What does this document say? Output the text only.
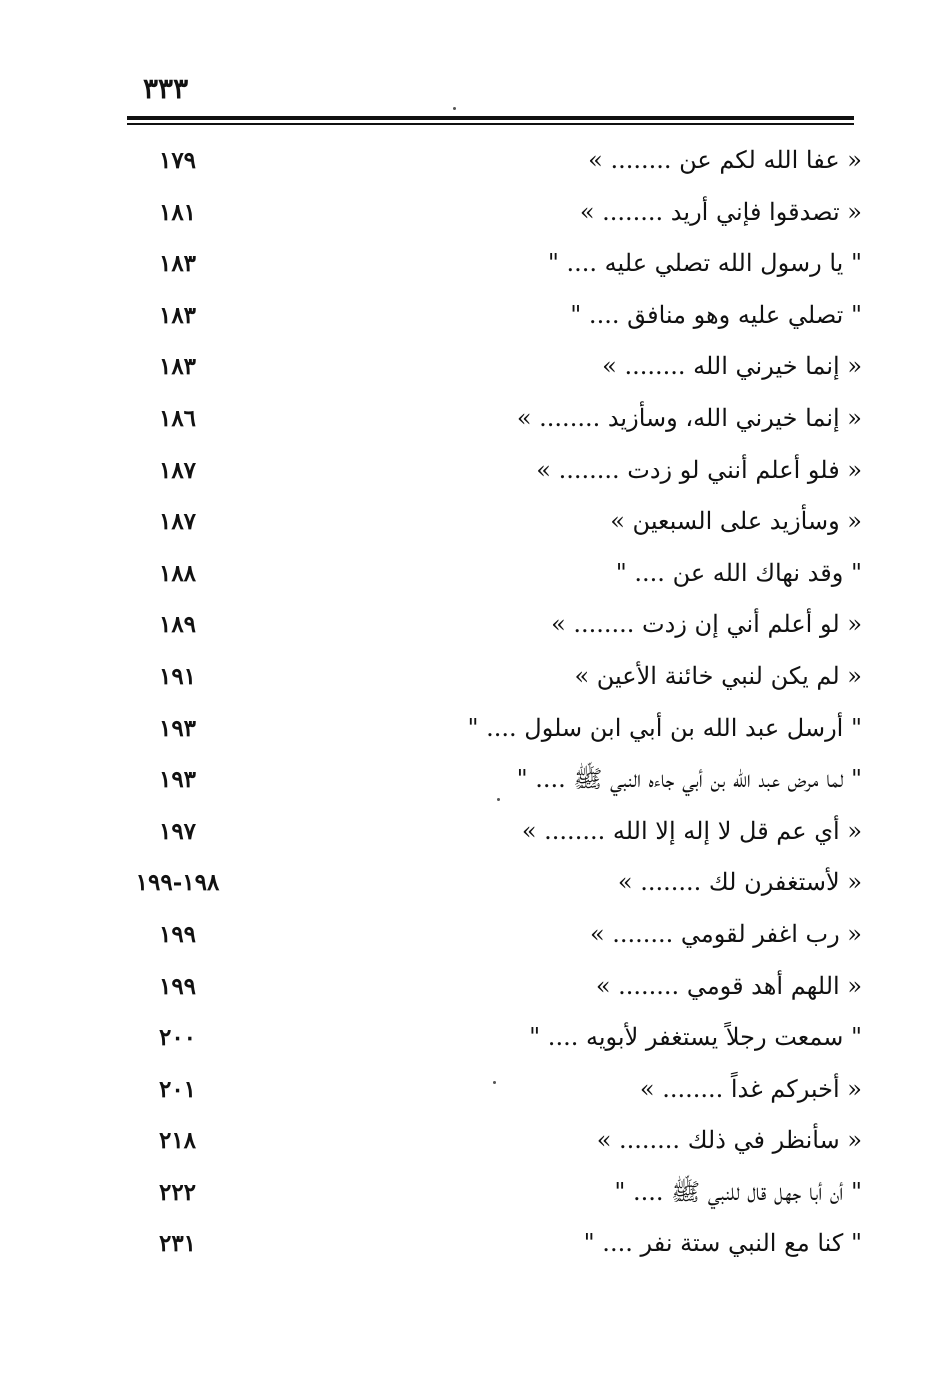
٣٣٣
« عفا الله لكم عن ........ »
١٧٩
« تصدقوا فإني أريد ........ »
١٨١
" يا رسول الله تصلي عليه .... "
١٨٣
" تصلي عليه وهو منافق .... "
١٨٣
« إنما خيرني الله ........ »
١٨٣
« إنما خيرني الله، وسأزيد ........ »
١٨٦
« فلو أعلم أنني لو زدت ........ »
١٨٧
« وسأزيد على السبعين »
١٨٧
" وقد نهاك الله عن .... "
١٨٨
« لو أعلم أني إن زدت ........ »
١٨٩
« لم يكن لنبي خائنة الأعين »
١٩١
" أرسل عبد الله بن أبي ابن سلول .... "
١٩٣
" لما مرض عبد الله بن أبي جاءه النبي ﷺ .... "
١٩٣
« أي عم قل لا إله إلا الله ........ »
١٩٧
« لأستغفرن لك ........ »
١٩٨-١٩٩
« رب اغفر لقومي ........ »
١٩٩
« اللهم أهد قومي ........ »
١٩٩
" سمعت رجلاً يستغفر لأبويه .... "
٢٠٠
« أخبركم غداً ........ »
٢٠١
« سأنظر في ذلك ........ »
٢١٨
" أن أبا جهل قال للنبي ﷺ .... "
٢٢٢
" كنا مع النبي ستة نفر .... "
٢٣١
